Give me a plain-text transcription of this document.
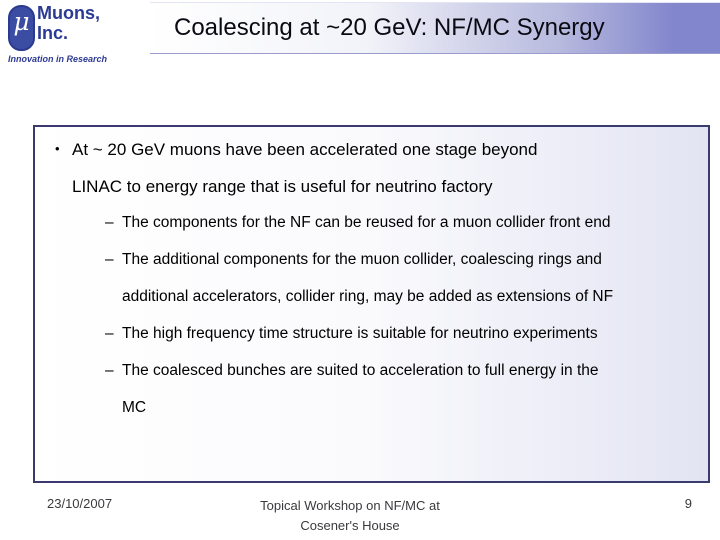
μ Muons,
Inc.
Innovation in Research
Coalescing at ~20 GeV: NF/MC Synergy
• At ~ 20 GeV muons have been accelerated one stage beyond
LINAC to energy range that is useful for neutrino factory
– The components for the NF can be reused for a muon collider front end
– The additional components for the muon collider, coalescing rings and
additional accelerators, collider ring, may be added as extensions of NF
– The high frequency time structure is suitable for neutrino experiments
– The coalesced bunches are suited to acceleration to full energy in the
MC
23/10/2007	Topical Workshop on NF/MC at
Cosener's House
9
